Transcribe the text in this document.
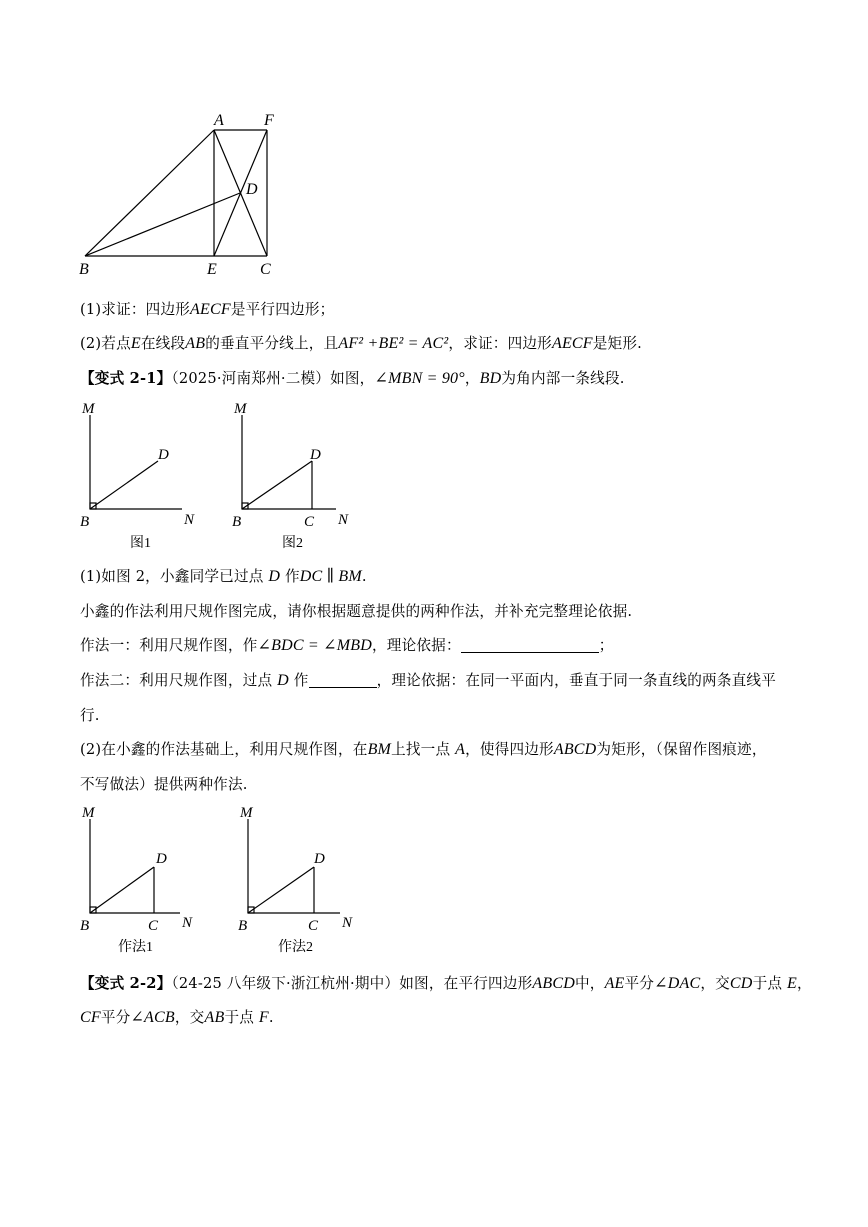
A	F
D
B	E	C
(1)求证：四边形AECF是平行四边形；
(2)若点E在线段AB的垂直平分线上，且AF² +BE² = AC²，求证：四边形AECF是矩形.
【变式 2-1】（2025·河南郑州·二模）如图，∠MBN = 90°，BD为角内部一条线段.
M
D
B	N
图1
M
D
B	C N
图2
(1)如图 2，小鑫同学已过点 D 作DC ∥ BM.
小鑫的作法利用尺规作图完成，请你根据题意提供的两种作法，并补充完整理论依据.
作法一：利用尺规作图，作∠BDC = ∠MBD，理论依据：	；
作法二：利用尺规作图，过点 D 作	，理论依据：在同一平面内，垂直于同一条直线的两条直线平
行.
(2)在小鑫的作法基础上，利用尺规作图，在BM上找一点 A，使得四边形ABCD为矩形，（保留作图痕迹，
不写做法）提供两种作法.
M
D
B	C N
作法1
M
D
B	C N
作法2
【变式 2-2】（24-25 八年级下·浙江杭州·期中）如图，在平行四边形ABCD中，AE平分∠DAC，交CD于点 E，
CF平分∠ACB，交AB于点 F.
